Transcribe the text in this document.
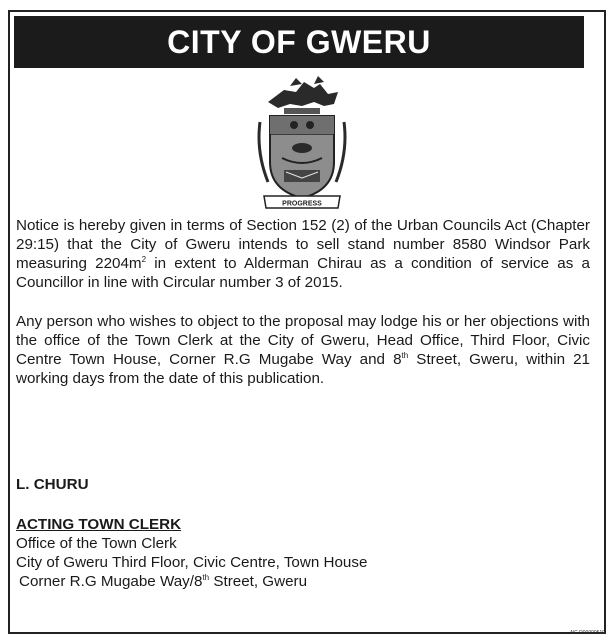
CITY OF GWERU
PROGRESS

Notice is hereby given in terms of Section 152 (2) of the Urban Councils Act (Chapter 29:15) that the City of Gweru intends to sell stand number 8580 Windsor Park measuring $2204m^2$ in extent to Alderman Chirau as a condition of service as a Councillor in line with Circular number 3 of 2015.

Any person who wishes to object to the proposal may lodge his or her objections with the office of the Town Clerk at the City of Gweru, Head Office, Third Floor, Civic Centre Town House, Corner R.G Mugabe Way and 8th Street, Gweru, within 21 working days from the date of this publication.

L. CHURU

ACTING TOWN CLERK

Office of the Town Clerk

City of Gweru Third Floor, Civic Centre, Town House

Corner R.G Mugabe Way/8th Street, Gweru

NC D00000519
